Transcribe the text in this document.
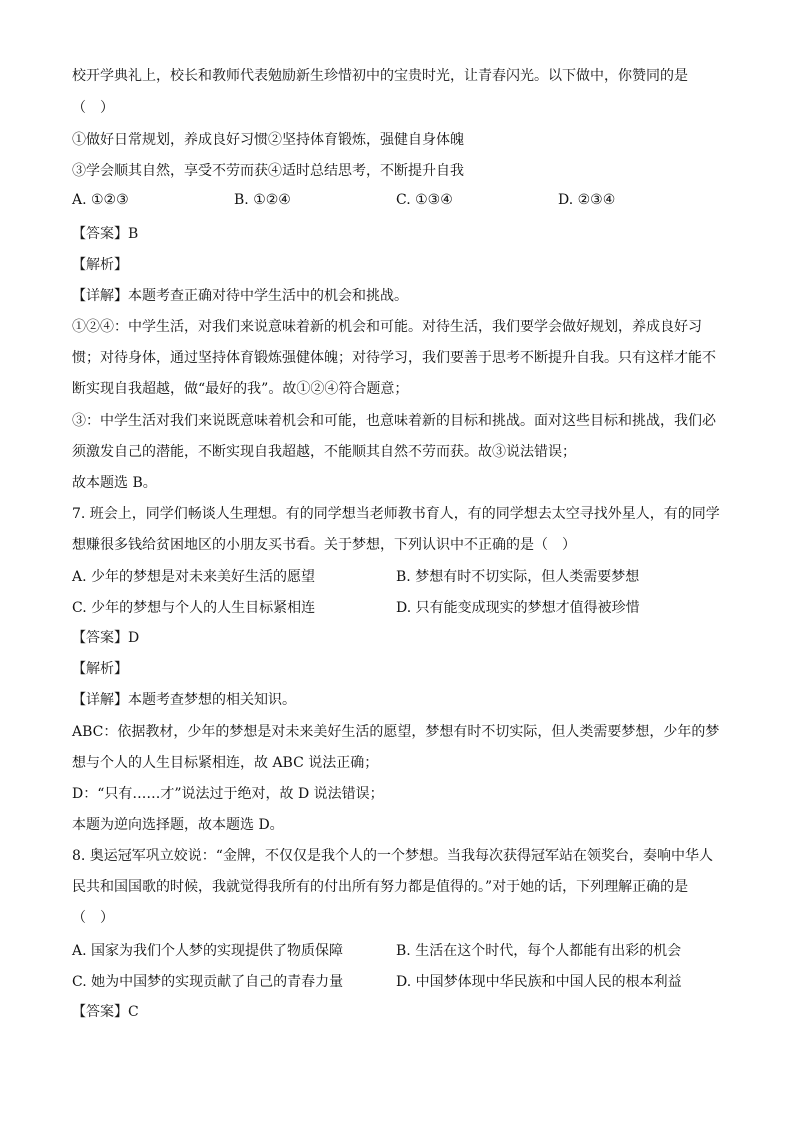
校开学典礼上，校长和教师代表勉励新生珍惜初中的宝贵时光，让青春闪光。以下做中，你赞同的是
（　）
①做好日常规划，养成良好习惯②坚持体育锻炼，强健自身体魄
③学会顺其自然，享受不劳而获④适时总结思考，不断提升自我
A. ①②③	B. ①②④	C. ①③④	D. ②③④
【答案】B
【解析】
【详解】本题考查正确对待中学生活中的机会和挑战。
①②④：中学生活，对我们来说意味着新的机会和可能。对待生活，我们要学会做好规划，养成良好习
惯；对待身体，通过坚持体育锻炼强健体魄；对待学习，我们要善于思考不断提升自我。只有这样才能不
断实现自我超越，做“最好的我”。故①②④符合题意；
③：中学生活对我们来说既意味着机会和可能，也意味着新的目标和挑战。面对这些目标和挑战，我们必
须激发自己的潜能，不断实现自我超越，不能顺其自然不劳而获。故③说法错误；
故本题选 B。
7. 班会上，同学们畅谈人生理想。有的同学想当老师教书育人，有的同学想去太空寻找外星人，有的同学
想赚很多钱给贫困地区的小朋友买书看。关于梦想，下列认识中不正确的是（　）
A. 少年的梦想是对未来美好生活的愿望	B. 梦想有时不切实际，但人类需要梦想
C. 少年的梦想与个人的人生目标紧相连	D. 只有能变成现实的梦想才值得被珍惜
【答案】D
【解析】
【详解】本题考查梦想的相关知识。
ABC：依据教材，少年的梦想是对未来美好生活的愿望，梦想有时不切实际，但人类需要梦想，少年的梦
想与个人的人生目标紧相连，故 ABC 说法正确；
D：“只有……才”说法过于绝对，故 D 说法错误；
本题为逆向选择题，故本题选 D。
8. 奥运冠军巩立姣说：“金牌，不仅仅是我个人的一个梦想。当我每次获得冠军站在领奖台，奏响中华人
民共和国国歌的时候，我就觉得我所有的付出所有努力都是值得的。”对于她的话，下列理解正确的是
（　）
A. 国家为我们个人梦的实现提供了物质保障	B. 生活在这个时代，每个人都能有出彩的机会
C. 她为中国梦的实现贡献了自己的青春力量	D. 中国梦体现中华民族和中国人民的根本利益
【答案】C
